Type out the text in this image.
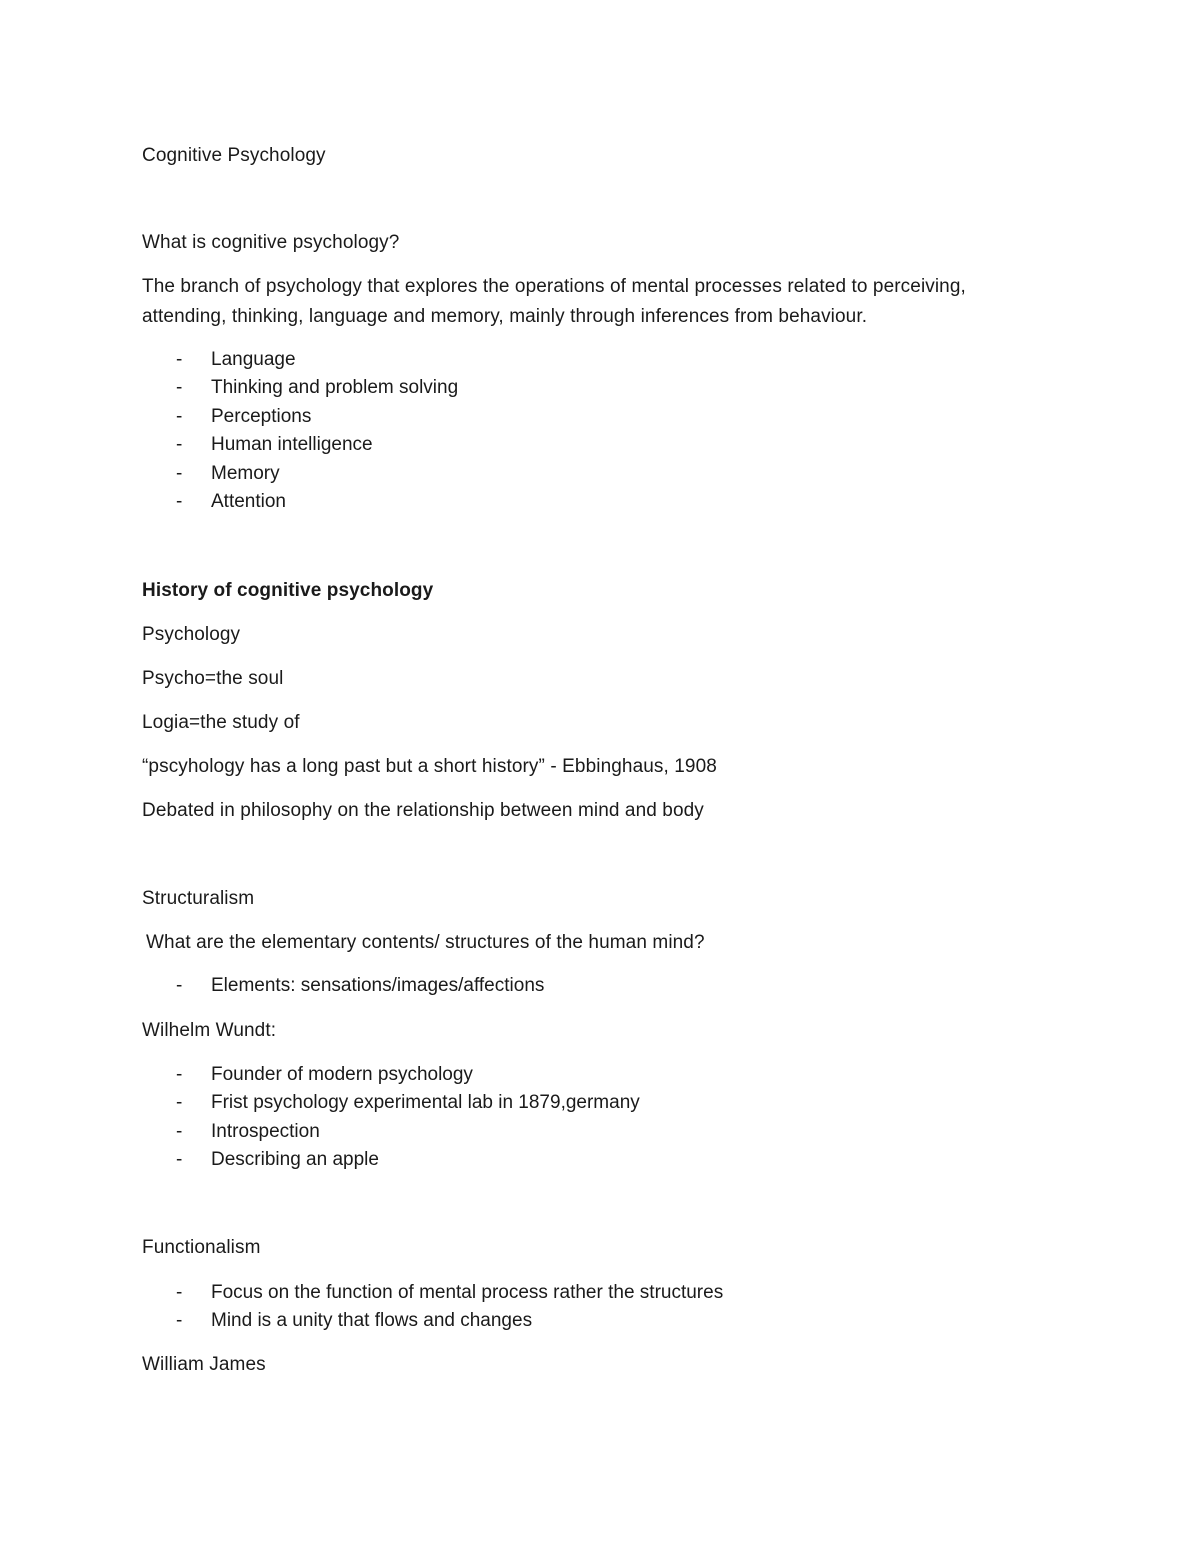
Cognitive Psychology
What is cognitive psychology?
The branch of psychology that explores the operations of mental processes related to perceiving,
attending, thinking, language and memory, mainly through inferences from behaviour.
- Language
- Thinking and problem solving
- Perceptions
- Human intelligence
- Memory
- Attention
History of cognitive psychology
Psychology
Psycho=the soul
Logia=the study of
“pscyhology has a long past but a short history” - Ebbinghaus, 1908
Debated in philosophy on the relationship between mind and body
Structuralism
What are the elementary contents/ structures of the human mind?
- Elements: sensations/images/affections
Wilhelm Wundt:
- Founder of modern psychology
- Frist psychology experimental lab in 1879,germany
- Introspection
- Describing an apple
Functionalism
- Focus on the function of mental process rather the structures
- Mind is a unity that flows and changes
William James
